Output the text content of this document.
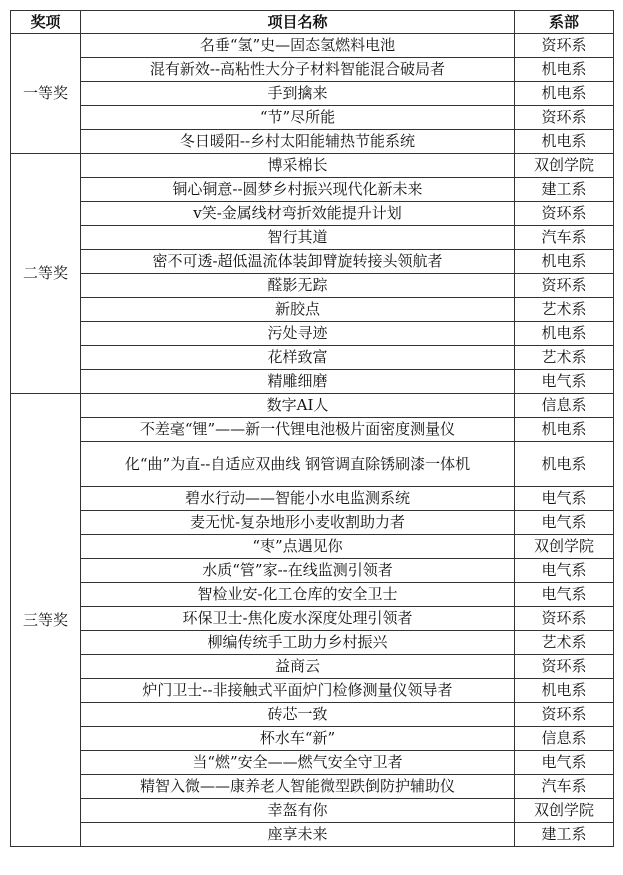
奖项	项目名称	系部
一等奖	名垂“氢”史—固态氢燃料电池	资环系
	混有新效--高粘性大分子材料智能混合破局者	机电系
	手到擒来	机电系
	“节”尽所能	资环系
	冬日暖阳--乡村太阳能辅热节能系统	机电系
二等奖	博采棉长	双创学院
	铜心铜意--圆梦乡村振兴现代化新未来	建工系
	v笑-金属线材弯折效能提升计划	资环系
	智行其道	汽车系
	密不可透-超低温流体装卸臂旋转接头领航者	机电系
	醛影无踪	资环系
	新胶点	艺术系
	污处寻迹	机电系
	花样致富	艺术系
	精雕细磨	电气系
三等奖	数字AI人	信息系
	不差毫“锂”——新一代锂电池极片面密度测量仪	机电系
	化“曲”为直--自适应双曲线 钢管调直除锈刷漆一体机	机电系
	碧水行动——智能小水电监测系统	电气系
	麦无忧-复杂地形小麦收割助力者	电气系
	“枣”点遇见你	双创学院
	水质“管”家--在线监测引领者	电气系
	智检业安-化工仓库的安全卫士	电气系
	环保卫士-焦化废水深度处理引领者	资环系
	柳编传统手工助力乡村振兴	艺术系
	益商云	资环系
	炉门卫士--非接触式平面炉门检修测量仪领导者	机电系
	砖芯一致	资环系
	杯水车“新”	信息系
	当“燃”安全——燃气安全守卫者	电气系
	精智入微——康养老人智能微型跌倒防护辅助仪	汽车系
	幸盔有你	双创学院
	座享未来	建工系
